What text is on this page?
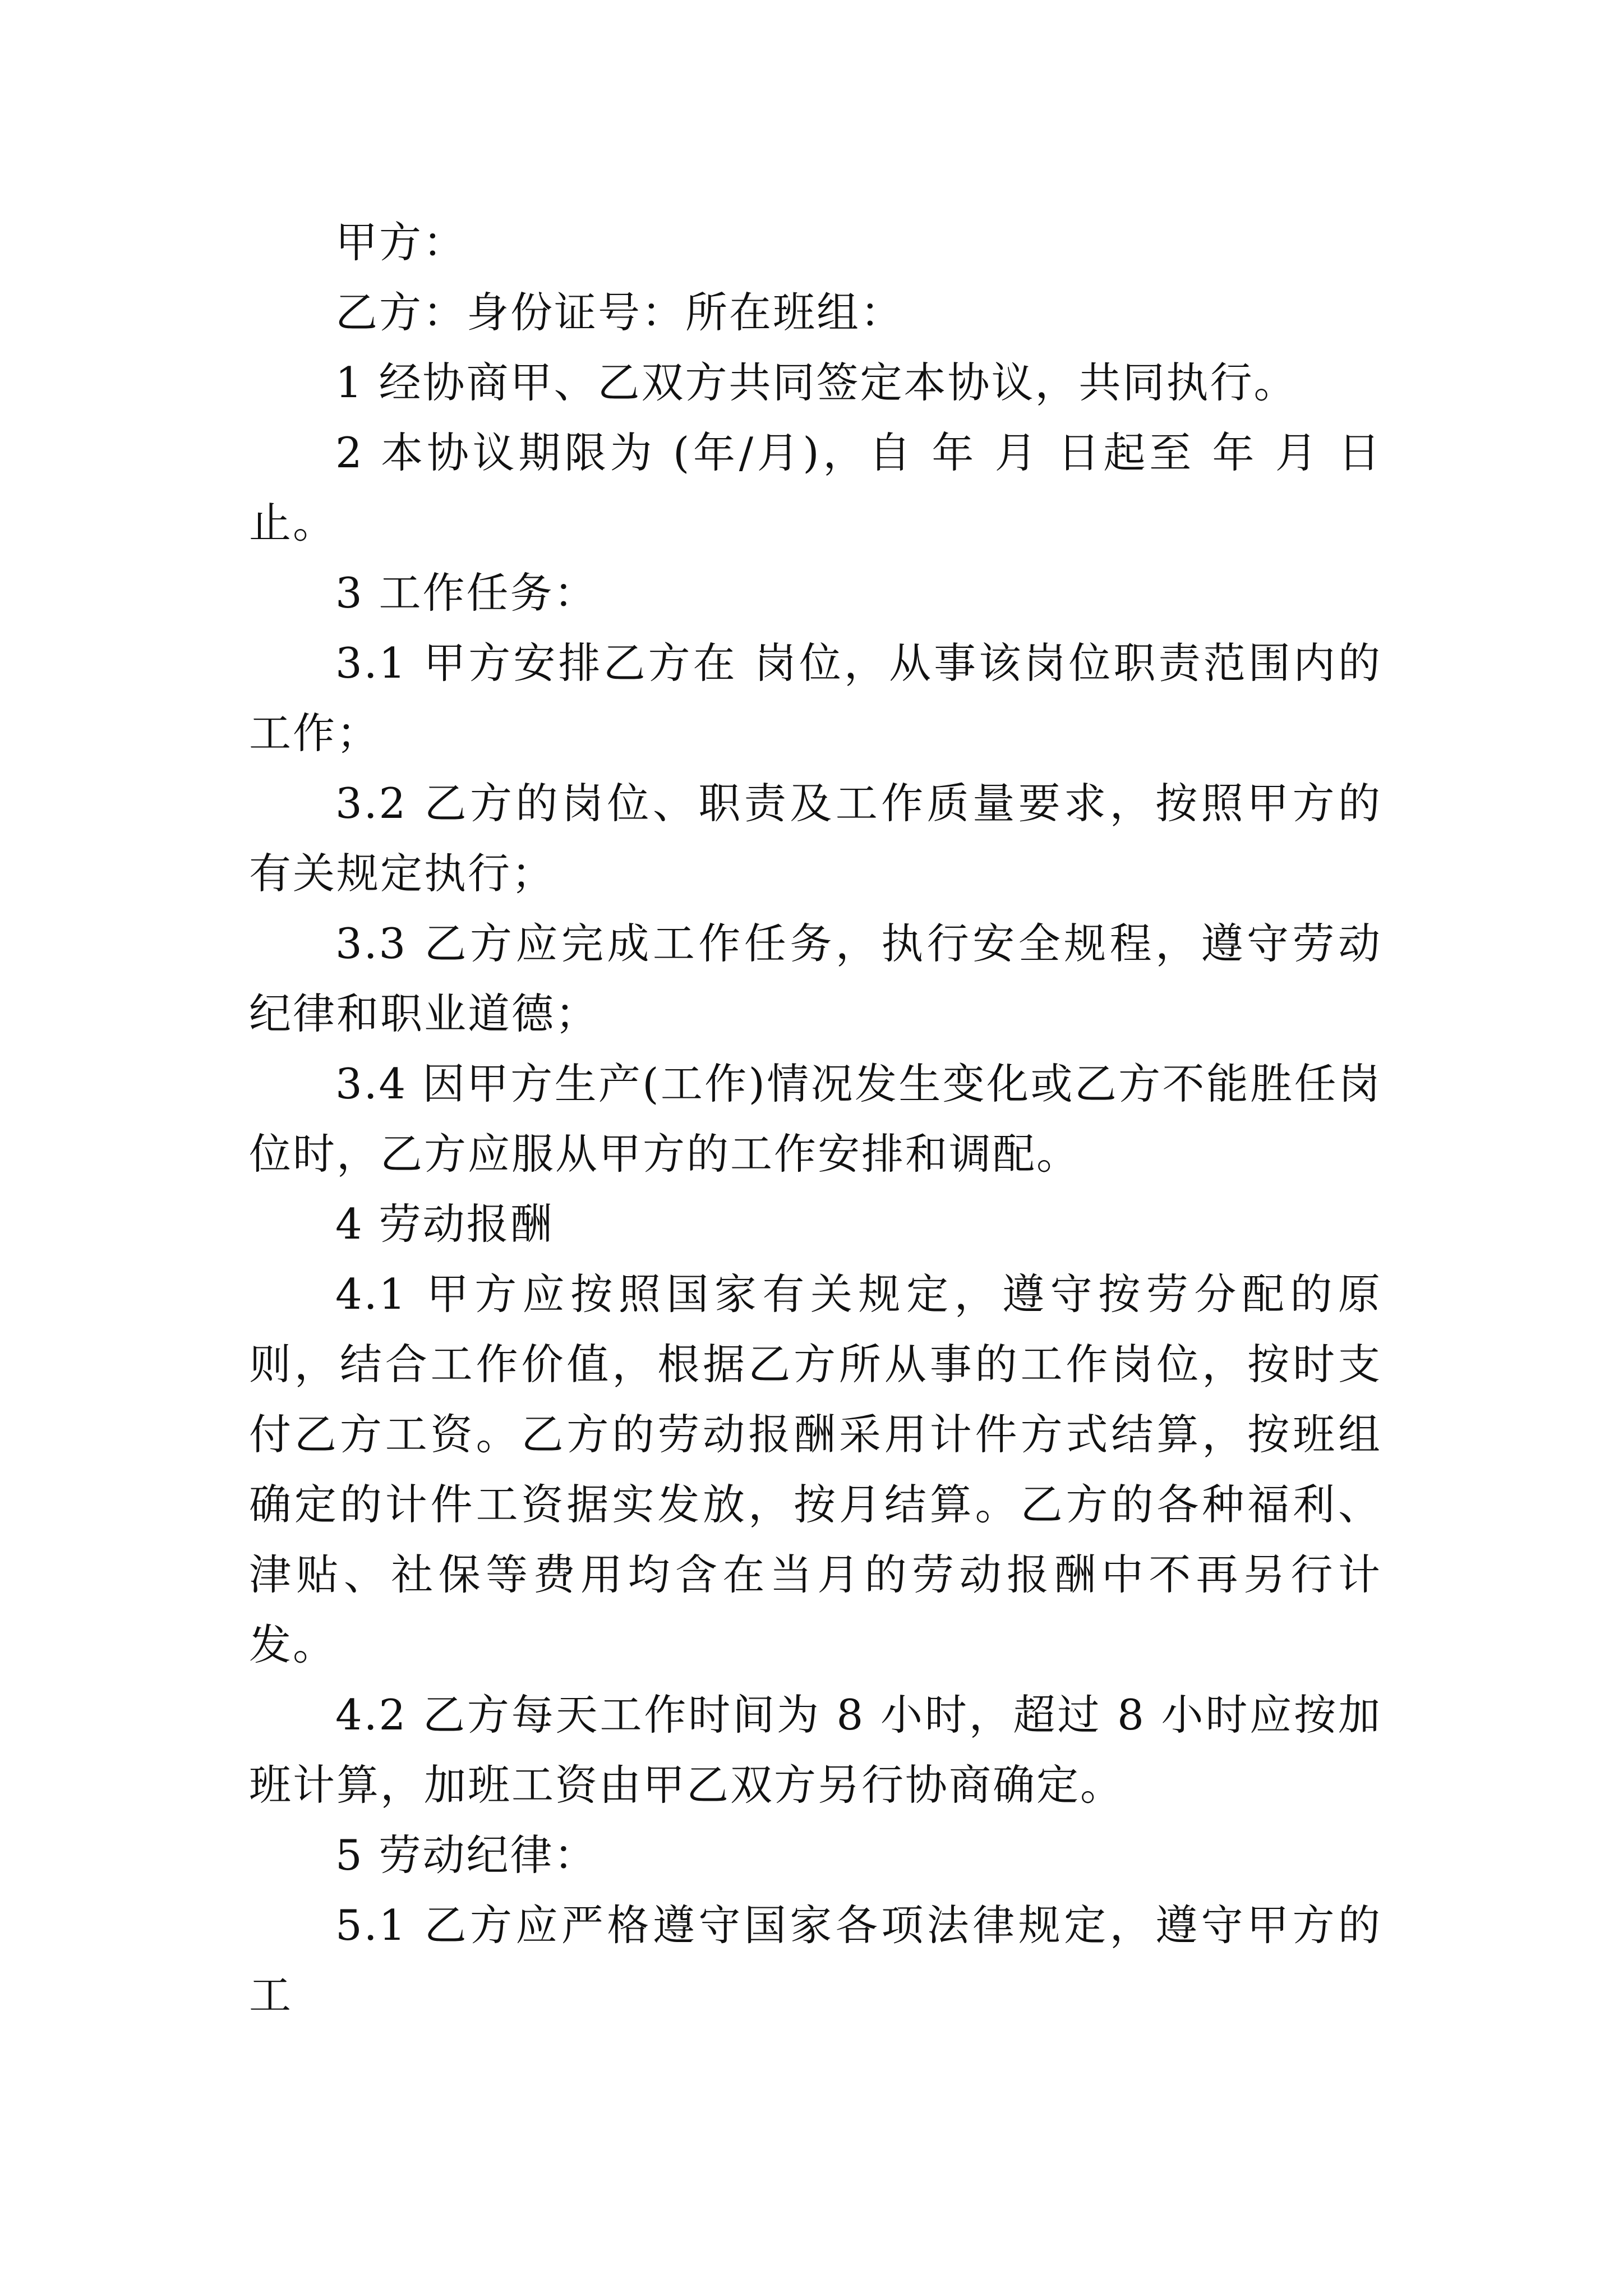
甲方：

乙方：身份证号：所在班组：

1 经协商甲、乙双方共同签定本协议，共同执行。

2 本协议期限为 (年/月)，自 年 月 日起至 年 月 日止。

3 工作任务：

3.1 甲方安排乙方在 岗位，从事该岗位职责范围内的工作；

3.2 乙方的岗位、职责及工作质量要求，按照甲方的有关规定执行；

3.3 乙方应完成工作任务，执行安全规程，遵守劳动纪律和职业道德；

3.4 因甲方生产(工作)情况发生变化或乙方不能胜任岗位时，乙方应服从甲方的工作安排和调配。

4 劳动报酬

4.1 甲方应按照国家有关规定，遵守按劳分配的原则，结合工作价值，根据乙方所从事的工作岗位，按时支付乙方工资。乙方的劳动报酬采用计件方式结算，按班组确定的计件工资据实发放，按月结算。乙方的各种福利、津贴、社保等费用均含在当月的劳动报酬中不再另行计发。

4.2 乙方每天工作时间为 8 小时，超过 8 小时应按加班计算，加班工资由甲乙双方另行协商确定。

5 劳动纪律：

5.1 乙方应严格遵守国家各项法律规定，遵守甲方的工
